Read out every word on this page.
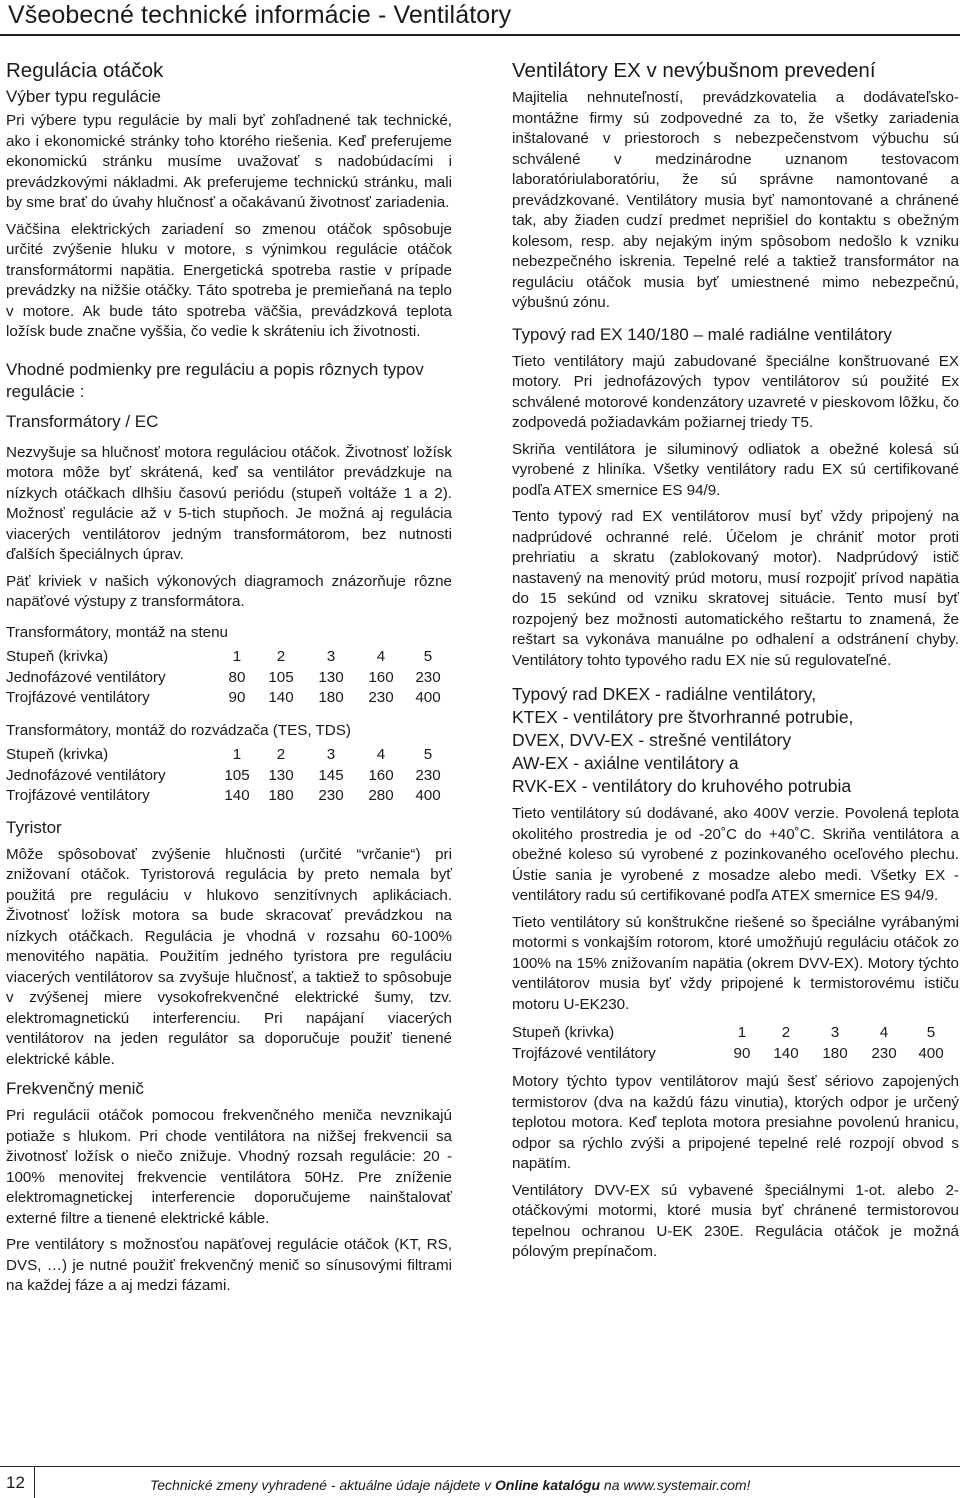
Všeobecné technické informácie - Ventilátory
Regulácia otáčok
Výber typu regulácie

Pri výbere typu regulácie by mali byť zohľadnené tak technické, ako i ekonomické stránky toho ktorého riešenia. Keď preferujeme ekonomickú stránku musíme uvažovať s nadobúdacími i prevádzkovými nákladmi. Ak preferujeme technickú stránku, mali by sme brať do úvahy hlučnosť a očakávanú životnosť zariadenia.

Väčšina elektrických zariadení so zmenou otáčok spôsobuje určité zvýšenie hluku v motore, s výnimkou regulácie otáčok transformátormi napätia. Energetická spotreba rastie v prípade prevádzky na nižšie otáčky. Táto spotreba je premieňaná na teplo v motore. Ak bude táto spotreba väčšia, prevádzková teplota ložísk bude značne vyššia, čo vedie k skráteniu ich životnosti.

Vhodné podmienky pre reguláciu a popis rôznych typov regulácie :
Transformátory / EC

Nezvyšuje sa hlučnosť motora reguláciou otáčok. Životnosť ložísk motora môže byť skrátená, keď sa ventilátor prevádzkuje na nízkych otáčkach dlhšiu časovú periódu (stupeň voltáže 1 a 2). Možnosť regulácie až v 5-tich stupňoch. Je možná aj regulácia viacerých ventilátorov jedným transformátorom, bez nutnosti ďalších špeciálnych úprav.

Päť kriviek v našich výkonových diagramoch znázorňuje rôzne napäťové výstupy z transformátora.

Transformátory, montáž na stenu

Stupeň (krivka)	1	2	3	4	5
Jednofázové ventilátory	80	105	130	160	230
Trojfázové ventilátory	90	140	180	230	400

Transformátory, montáž do rozvádzača (TES, TDS)

Stupeň (krivka)	1	2	3	4	5
Jednofázové ventilátory	105	130	145	160	230
Trojfázové ventilátory	140	180	230	280	400
Tyristor

Môže spôsobovať zvýšenie hlučnosti (určité “vrčanie“) pri znižovaní otáčok. Tyristorová regulácia by preto nemala byť použitá pre reguláciu v hlukovo senzitívnych aplikáciach. Životnosť ložísk motora sa bude skracovať prevádzkou na nízkych otáčkach. Regulácia je vhodná v rozsahu 60-100% menovitého napätia. Použitím jedného tyristora pre reguláciu viacerých ventilátorov sa zvyšuje hlučnosť, a taktiež to spôsobuje v zvýšenej miere vysokofrekvenčné elektrické šumy, tzv. elektromagnetickú interferenciu. Pri napájaní viacerých ventilátorov na jeden regulátor sa doporučuje použiť tienené elektrické káble.

Frekvenčný menič

Pri regulácii otáčok pomocou frekvenčného meniča nevznikajú potiaže s hlukom. Pri chode ventilátora na nižšej frekvencii sa životnosť ložísk o niečo znižuje. Vhodný rozsah regulácie: 20 - 100% menovitej frekvencie ventilátora 50Hz. Pre zníženie elektromagnetickej interferencie doporučujeme nainštalovať externé filtre a tienené elektrické káble.

Pre ventilátory s možnosťou napäťovej regulácie otáčok (KT, RS, DVS, …) je nutné použiť frekvenčný menič so sínusovými filtrami na každej fáze a aj medzi fázami.

Ventilátory EX v nevýbušnom prevedení

Majitelia nehnuteľností, prevádzkovatelia a dodávateľsko-montážne firmy sú zodpovedné za to, že všetky zariadenia inštalované v priestoroch s nebezpečenstvom výbuchu sú schválené v medzinárodne uznanom testovacom laboratóriulaboratóriu, že sú správne namontované a prevádzkované. Ventilátory musia byť namontované a chránené tak, aby žiaden cudzí predmet neprišiel do kontaktu s obežným kolesom, resp. aby nejakým iným spôsobom nedošlo k vzniku nebezpečného iskrenia. Tepelné relé a taktiež transformátor na reguláciu otáčok musia byť umiestnené mimo nebezpečnú, výbušnú zónu.

Typový rad EX 140/180 – malé radiálne ventilátory

Tieto ventilátory majú zabudované špeciálne konštruované EX motory. Pri jednofázových typov ventilátorov sú použité Ex schválené motorové kondenzátory uzavreté v pieskovom lôžku, čo zodpovedá požiadavkám požiarnej triedy T5.

Skriňa ventilátora je siluminový odliatok a obežné kolesá sú vyrobené z hliníka. Všetky ventilátory radu EX sú certifikované podľa ATEX smernice ES 94/9.

Tento typový rad EX ventilátorov musí byť vždy pripojený na nadprúdové ochranné relé. Účelom je chrániť motor proti prehriatiu a skratu (zablokovaný motor). Nadprúdový istič nastavený na menovitý prúd motoru, musí rozpojiť prívod napätia do 15 sekúnd od vzniku skratovej situácie. Tento musí byť rozpojený bez možnosti automatického reštartu to znamená, že reštart sa vykonáva manuálne po odhalení a odstránení chyby. Ventilátory tohto typového radu EX nie sú regulovateľné.

Typový rad DKEX - radiálne ventilátory,
KTEX - ventilátory pre štvorhranné potrubie,
DVEX, DVV-EX - strešné ventilátory
AW-EX - axiálne ventilátory a
RVK-EX - ventilátory do kruhového potrubia

Tieto ventilátory sú dodávané, ako 400V verzie. Povolená teplota okolitého prostredia je od -20˚C do +40˚C. Skriňa ventilátora a obežné koleso sú vyrobené z pozinkovaného oceľového plechu. Ústie sania je vyrobené z mosadze alebo medi. Všetky EX - ventilátory radu sú certifikované podľa ATEX smernice ES 94/9.

Tieto ventilátory sú konštrukčne riešené so špeciálne vyrábanými motormi s vonkajším rotorom, ktoré umožňujú reguláciu otáčok zo 100% na 15% znižovaním napätia (okrem DVV-EX). Motory týchto ventilátorov musia byť vždy pripojené k termistorovému ističu motoru U-EK230.

Stupeň (krivka)	1	2	3	4	5
Trojfázové ventilátory	90	140	180	230	400

Motory týchto typov ventilátorov majú šesť sériovo zapojených termistorov (dva na každú fázu vinutia), ktorých odpor je určený teplotou motora. Keď teplota motora presiahne povolenú hranicu, odpor sa rýchlo zvýši a pripojené tepelné relé rozpojí obvod s napätím.

Ventilátory DVV-EX sú vybavené špeciálnymi 1-ot. alebo 2-otáčkovými motormi, ktoré musia byť chránené termistorovou tepelnou ochranou U-EK 230E. Regulácia otáčok je možná pólovým prepínačom.

12	Technické zmeny vyhradené - aktuálne údaje nájdete v Online katalógu na www.systemair.com!
